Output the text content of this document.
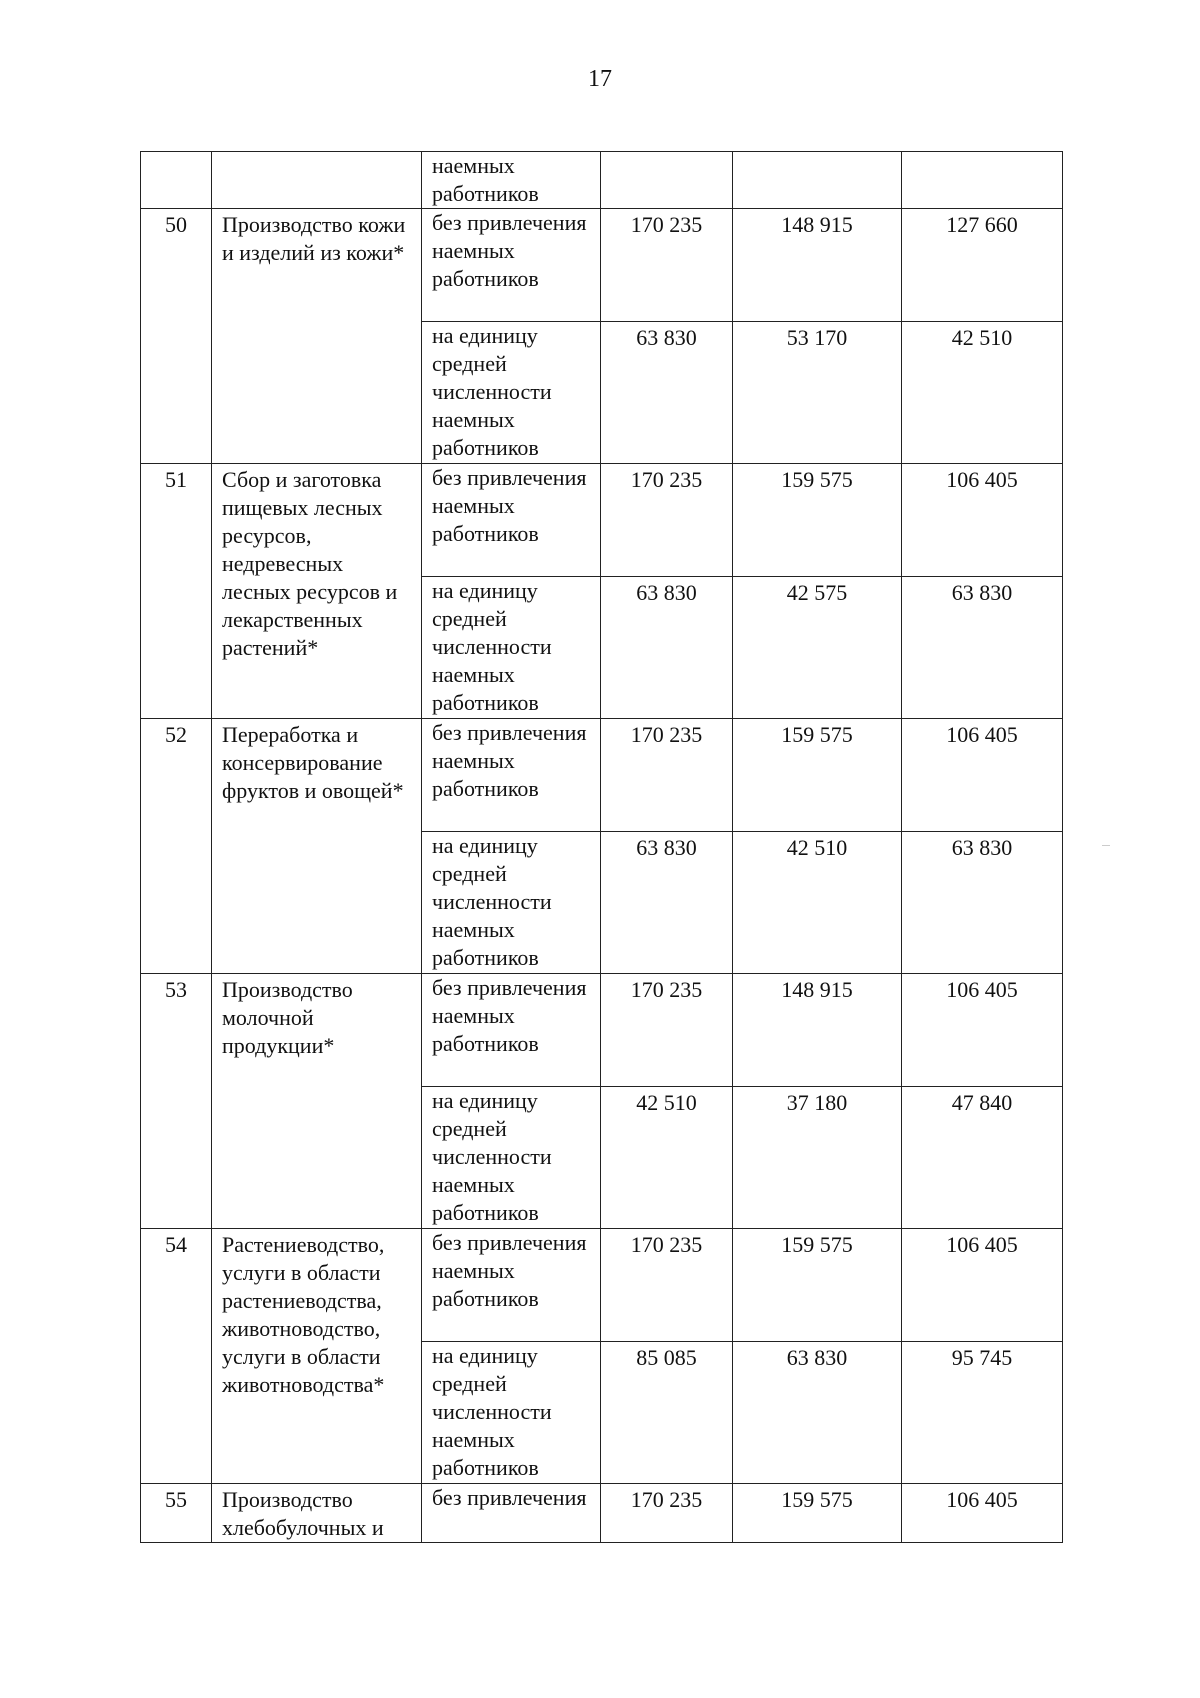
17
		наемных работников			
50	Производство кожи и изделий из кожи*	без привлечения наемных работников	170 235	148 915	127 660
		на единицу средней численности наемных работников	63 830	53 170	42 510
51	Сбор и заготовка пищевых лесных ресурсов, недревесных лесных ресурсов и лекарственных растений*	без привлечения наемных работников	170 235	159 575	106 405
		на единицу средней численности наемных работников	63 830	42 575	63 830
52	Переработка и консервирование фруктов и овощей*	без привлечения наемных работников	170 235	159 575	106 405
		на единицу средней численности наемных работников	63 830	42 510	63 830
53	Производство молочной продукции*	без привлечения наемных работников	170 235	148 915	106 405
		на единицу средней численности наемных работников	42 510	37 180	47 840
54	Растениеводство, услуги в области растениеводства, животноводство, услуги в области животноводства*	без привлечения наемных работников	170 235	159 575	106 405
		на единицу средней численности наемных работников	85 085	63 830	95 745
55	Производство хлебобулочных и	без привлечения	170 235	159 575	106 405
